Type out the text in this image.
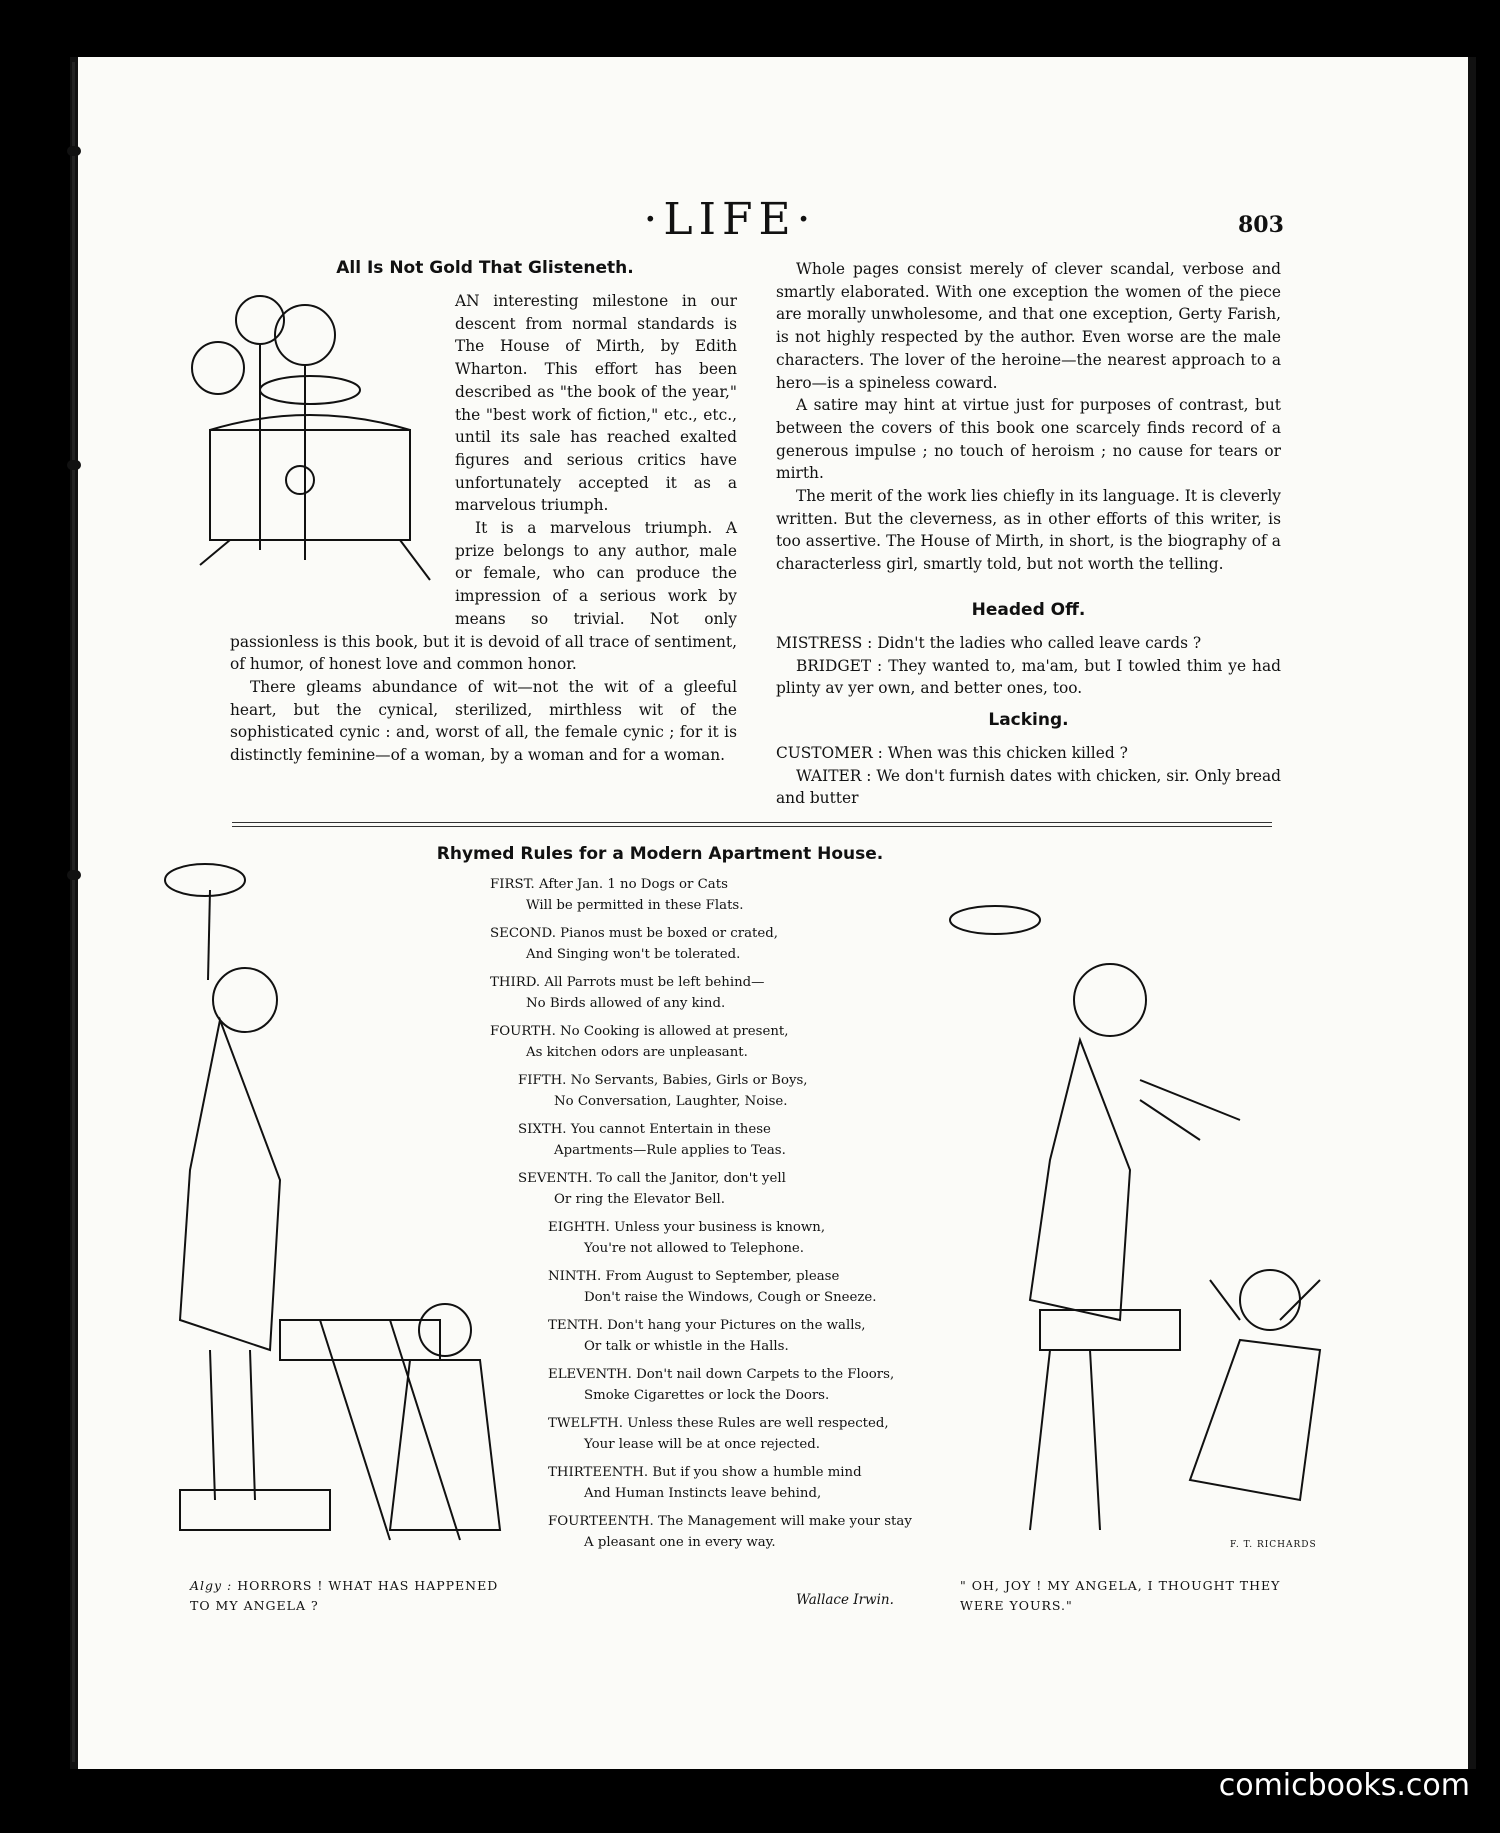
·LIFE·	803
All Is Not Gold That Glisteneth.

AN interesting milestone in our descent from normal standards is The House of Mirth, by Edith Wharton. This effort has been described as "the book of the year," the "best work of fiction," etc., etc., until its sale has reached exalted figures and serious critics have unfortunately accepted it as a marvelous triumph.

It is a marvelous triumph. A prize belongs to any author, male or female, who can produce the impression of a serious work by means so trivial. Not only passionless is this book, but it is devoid of all trace of sentiment, of humor, of honest love and common honor.

There gleams abundance of wit—not the wit of a gleeful heart, but the cynical, sterilized, mirthless wit of the sophisticated cynic : and, worst of all, the female cynic ; for it is distinctly feminine—of a woman, by a woman and for a woman.

Whole pages consist merely of clever scandal, verbose and smartly elaborated. With one exception the women of the piece are morally unwholesome, and that one exception, Gerty Farish, is not highly respected by the author. Even worse are the male characters. The lover of the heroine—the nearest approach to a hero—is a spineless coward.

A satire may hint at virtue just for purposes of contrast, but between the covers of this book one scarcely finds record of a generous impulse ; no touch of heroism ; no cause for tears or mirth.

The merit of the work lies chiefly in its language. It is cleverly written. But the cleverness, as in other efforts of this writer, is too assertive. The House of Mirth, in short, is the biography of a characterless girl, smartly told, but not worth the telling.

Headed Off.

MISTRESS : Didn't the ladies who called leave cards ?

BRIDGET : They wanted to, ma'am, but I towled thim ye had plinty av yer own, and better ones, too.

Lacking.

CUSTOMER : When was this chicken killed ?

WAITER : We don't furnish dates with chicken, sir. Only bread and butter

Rhymed Rules for a Modern Apartment House.
FIRST. After Jan. 1 no Dogs or Cats
Will be permitted in these Flats.
SECOND. Pianos must be boxed or crated,
And Singing won't be tolerated.
THIRD. All Parrots must be left behind—
No Birds allowed of any kind.
FOURTH. No Cooking is allowed at present,
As kitchen odors are unpleasant.
FIFTH. No Servants, Babies, Girls or Boys,
No Conversation, Laughter, Noise.
SIXTH. You cannot Entertain in these
Apartments—Rule applies to Teas.
SEVENTH. To call the Janitor, don't yell
Or ring the Elevator Bell.
EIGHTH. Unless your business is known,
You're not allowed to Telephone.
NINTH. From August to September, please
Don't raise the Windows, Cough or Sneeze.
TENTH. Don't hang your Pictures on the walls,
Or talk or whistle in the Halls.
ELEVENTH. Don't nail down Carpets to the Floors,
Smoke Cigarettes or lock the Doors.
TWELFTH. Unless these Rules are well respected,
Your lease will be at once rejected.
THIRTEENTH. But if you show a humble mind
And Human Instincts leave behind,
FOURTEENTH. The Management will make your stay
A pleasant one in every way.
Wallace Irwin.
Algy : HORRORS ! WHAT HAS HAPPENED TO MY ANGELA ?
" OH, JOY ! MY ANGELA, I THOUGHT THEY WERE YOURS."
F. T. RICHARDS
comicbooks.com
